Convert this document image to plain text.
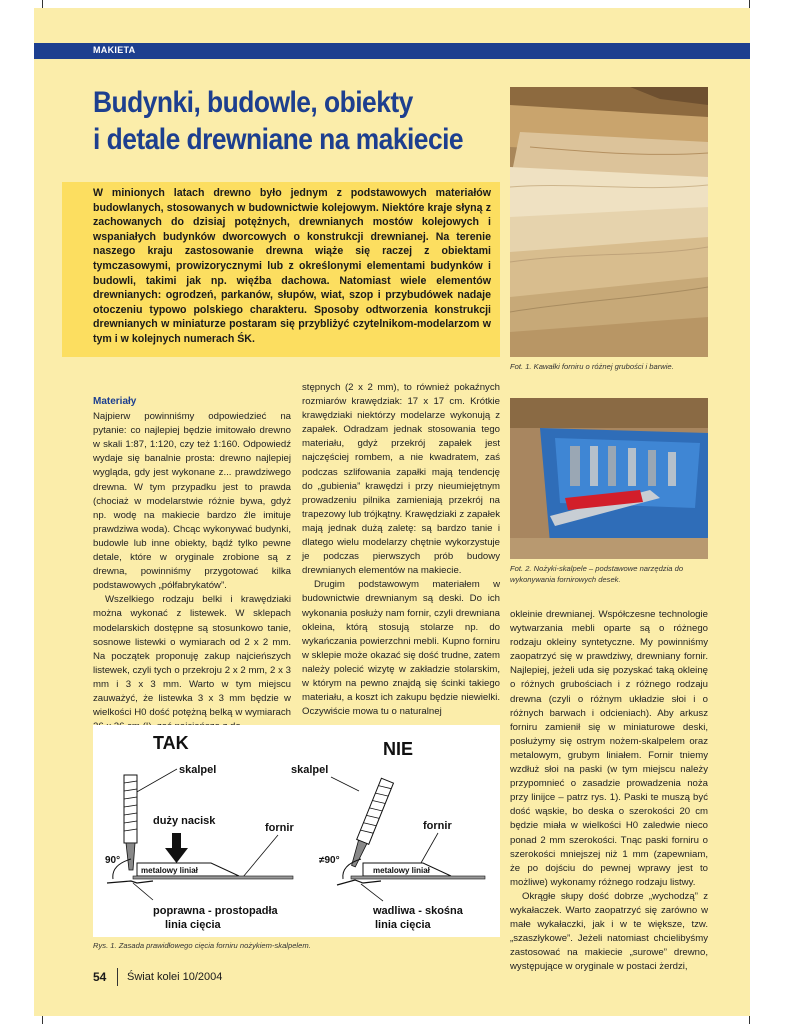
MAKIETA
Budynki, budowle, obiekty
i detale drewniane na makiecie

W minionych latach drewno było jednym z podstawowych materiałów budowlanych, stosowanych w budownictwie kolejowym. Niektóre kraje słyną z zachowanych do dzisiaj potężnych, drewnianych mostów kolejowych i wspaniałych budynków dworcowych o konstrukcji drewnianej. Na terenie naszego kraju zastosowanie drewna wiąże się raczej z obiektami tymczasowymi, prowizorycznymi lub z określonymi elementami budynków i budowli, takimi jak np. więźba dachowa. Natomiast wiele elementów drewnianych: ogrodzeń, parkanów, słupów, wiat, szop i przybudówek nadaje otoczeniu typowo polskiego charakteru. Sposoby odtworzenia konstrukcji drewnianych w miniaturze postaram się przybliżyć czytelnikom-modelarzom w tym i w kolejnych numerach ŚK.

Fot. 1. Kawałki forniru o różnej grubości i barwie.

Fot. 2. Nożyki-skalpele – podstawowe narzędzia do wykonywania fornirowych desek.

Materiały

Najpierw powinniśmy odpowiedzieć na pytanie: co najlepiej będzie imitowało drewno w skali 1:87, 1:120, czy też 1:160. Odpowiedź wydaje się banalnie prosta: drewno najlepiej wygląda, gdy jest wykonane z... prawdziwego drewna. W tym przypadku jest to prawda (chociaż w modelarstwie różnie bywa, gdyż np. wodę na makiecie bardzo źle imituje prawdziwa woda). Chcąc wykonywać budynki, budowle lub inne obiekty, bądź tylko pewne detale, które w oryginale zrobione są z drewna, powinniśmy przygotować kilka podstawowych „półfabrykatów”.

Wszelkiego rodzaju belki i krawędziaki można wykonać z listewek. W sklepach modelarskich dostępne są stosunkowo tanie, sosnowe listewki o wymiarach od 2 x 2 mm. Na początek proponuję zakup najcieńszych listewek, czyli tych o przekroju 2 x 2 mm, 2 x 3 mm i 3 x 3 mm. Warto w tym miejscu zauważyć, że listewka 3 x 3 mm będzie w wielkości H0 dość potężną belką w wymiarach

stępnych (2 x 2 mm), to również pokaźnych rozmiarów krawędziak: 17 x 17 cm. Krótkie krawędziaki niektórzy modelarze wykonują z zapałek. Odradzam jednak stosowania tego materiału, gdyż przekrój zapałek jest najczęściej rombem, a nie kwadratem, zaś podczas szlifowania zapałki mają tendencję do „gubienia” krawędzi i przy nieumiejętnym prowadzeniu pilnika zamieniają przekrój na trapezowy lub trójkątny. Krawędziaki z zapałek mają jednak dużą zaletę: są bardzo tanie i dlatego wielu modelarzy chętnie wykorzystuje je podczas pierwszych prób budowy drewnianych elementów na makiecie.

Drugim podstawowym materiałem w budownictwie drewnianym są deski. Do ich wykonania posłuży nam fornir, czyli drewniana okleina, którą stosują stolarze np. do wykańczania powierzchni mebli. Kupno forniru w sklepie może okazać się dość trudne, zatem należy polecić wizytę w zakładzie stolarskim, w którym na pewno znajdą się ścinki takiego materiału, a koszt ich zakupu będzie niewielki. Oczywiście mowa tu o naturalnej

okleinie drewnianej. Współczesne technologie wytwarzania mebli oparte są o różnego rodzaju okleiny syntetyczne. My powinniśmy zaopatrzyć się w prawdziwy, drewniany fornir. Najlepiej, jeżeli uda się pozyskać taką okleinę o różnych grubościach i z różnego rodzaju drewna (czyli o różnym układzie słoi i o różnych barwach i odcieniach). Aby arkusz forniru zamienił się w miniaturowe deski, posłużymy się ostrym nożem-skalpelem oraz metalowym, grubym liniałem. Fornir tniemy wzdłuż słoi na paski (w tym miejscu należy przypomnieć o zasadzie prowadzenia noża przy linijce – patrz rys. 1). Paski te muszą być dość wąskie, bo deska o szerokości 20 cm będzie miała w wielkości H0 zaledwie nieco ponad 2 mm szerokości. Tnąc paski forniru o szerokości mniejszej niż 1 mm (zapewniam, że po dojściu do pewnej wprawy jest to możliwe) wykonamy różnego rodzaju listwy.

Okrągłe słupy dość dobrze „wychodzą” z wykałaczek. Warto zaopatrzyć się zarówno w małe wykałaczki, jak i w te większe, tzw. „szaszłykowe”. Jeżeli natomiast chcielibyśmy zastosować na makiecie „surowe” drewno, występujące w oryginale w postaci żerdzi,

TAK
skalpel
duży nacisk
fornir
metalowy liniał
90°
poprawna - prostopadła
linia cięcia
NIE
skalpel
fornir
metalowy liniał
≠90°
wadliwa - skośna
linia cięcia

Rys. 1. Zasada prawidłowego cięcia forniru nożykiem-skalpelem.

54 Świat kolei 10/2004
